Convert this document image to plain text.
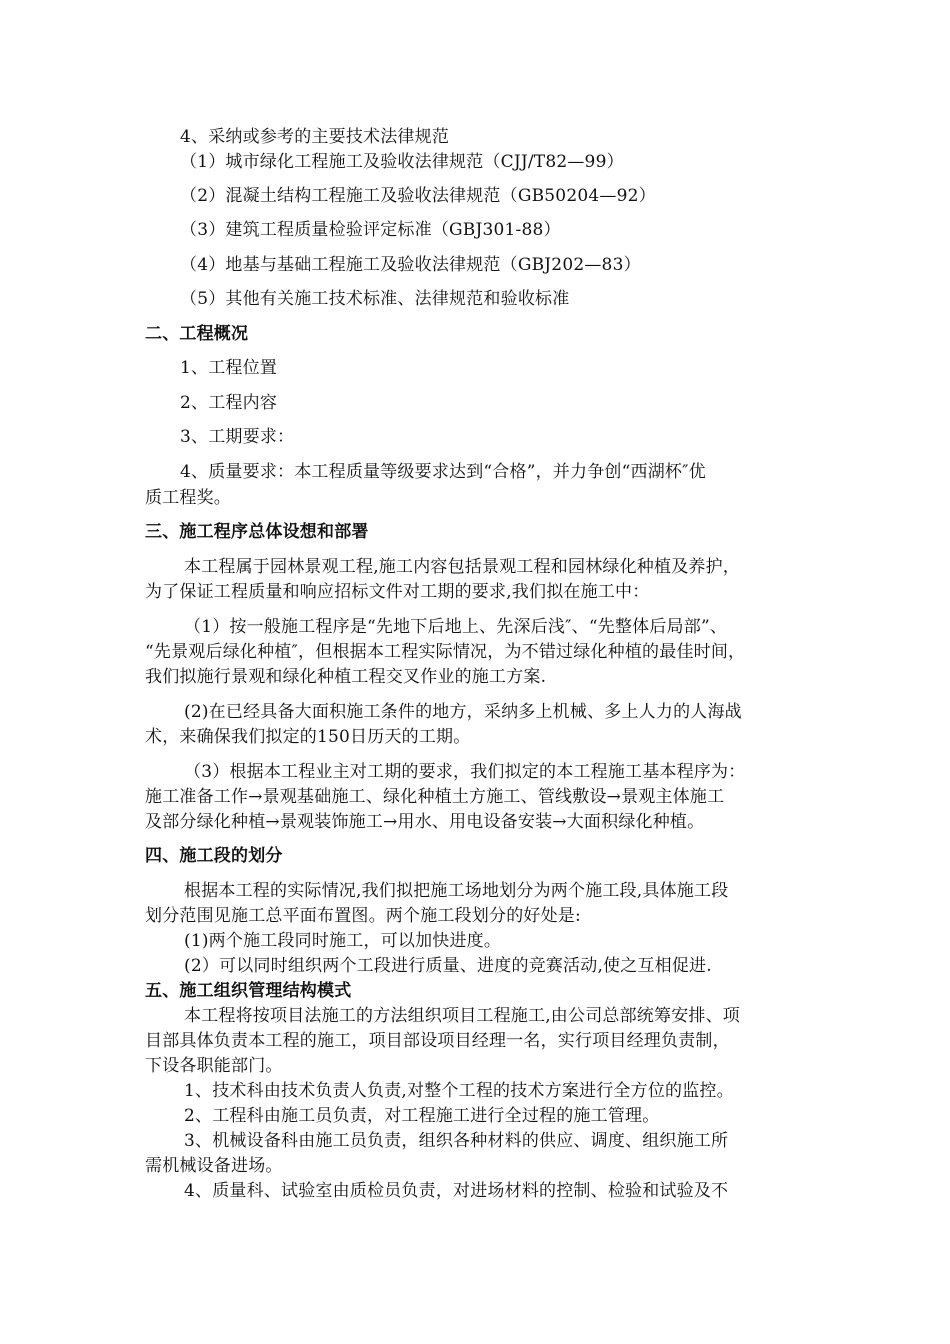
4、采纳或参考的主要技术法律规范
（1）城市绿化工程施工及验收法律规范（CJJ/T82—99）
（2）混凝土结构工程施工及验收法律规范（GB50204—92）
（3）建筑工程质量检验评定标准（GBJ301-88）
（4）地基与基础工程施工及验收法律规范（GBJ202—83）
（5）其他有关施工技术标准、法律规范和验收标准
二、工程概况
1、工程位置
2、工程内容
3、工期要求：
4、质量要求：本工程质量等级要求达到“合格”，并力争创“西湖杯″优
质工程奖。
三、施工程序总体设想和部署
本工程属于园林景观工程,施工内容包括景观工程和园林绿化种植及养护，
为了保证工程质量和响应招标文件对工期的要求,我们拟在施工中：
（1）按一般施工程序是“先地下后地上、先深后浅″、“先整体后局部”、
“先景观后绿化种植″，但根据本工程实际情况，为不错过绿化种植的最佳时间，
我们拟施行景观和绿化种植工程交叉作业的施工方案.
(2)在已经具备大面积施工条件的地方，采纳多上机械、多上人力的人海战
术，来确保我们拟定的150日历天的工期。
（3）根据本工程业主对工期的要求，我们拟定的本工程施工基本程序为：
施工准备工作→景观基础施工、绿化种植土方施工、管线敷设→景观主体施工
及部分绿化种植→景观装饰施工→用水、用电设备安装→大面积绿化种植。
四、施工段的划分
根据本工程的实际情况,我们拟把施工场地划分为两个施工段,具体施工段
划分范围见施工总平面布置图。两个施工段划分的好处是:
(1)两个施工段同时施工，可以加快进度。
(2）可以同时组织两个工段进行质量、进度的竞赛活动,使之互相促进.
五、施工组织管理结构模式
本工程将按项目法施工的方法组织项目工程施工,由公司总部统筹安排、项
目部具体负责本工程的施工，项目部设项目经理一名，实行项目经理负责制，
下设各职能部门。
1、技术科由技术负责人负责,对整个工程的技术方案进行全方位的监控。
2、工程科由施工员负责，对工程施工进行全过程的施工管理。
3、机械设备科由施工员负责，组织各种材料的供应、调度、组织施工所
需机械设备进场。
4、质量科、试验室由质检员负责，对进场材料的控制、检验和试验及不
